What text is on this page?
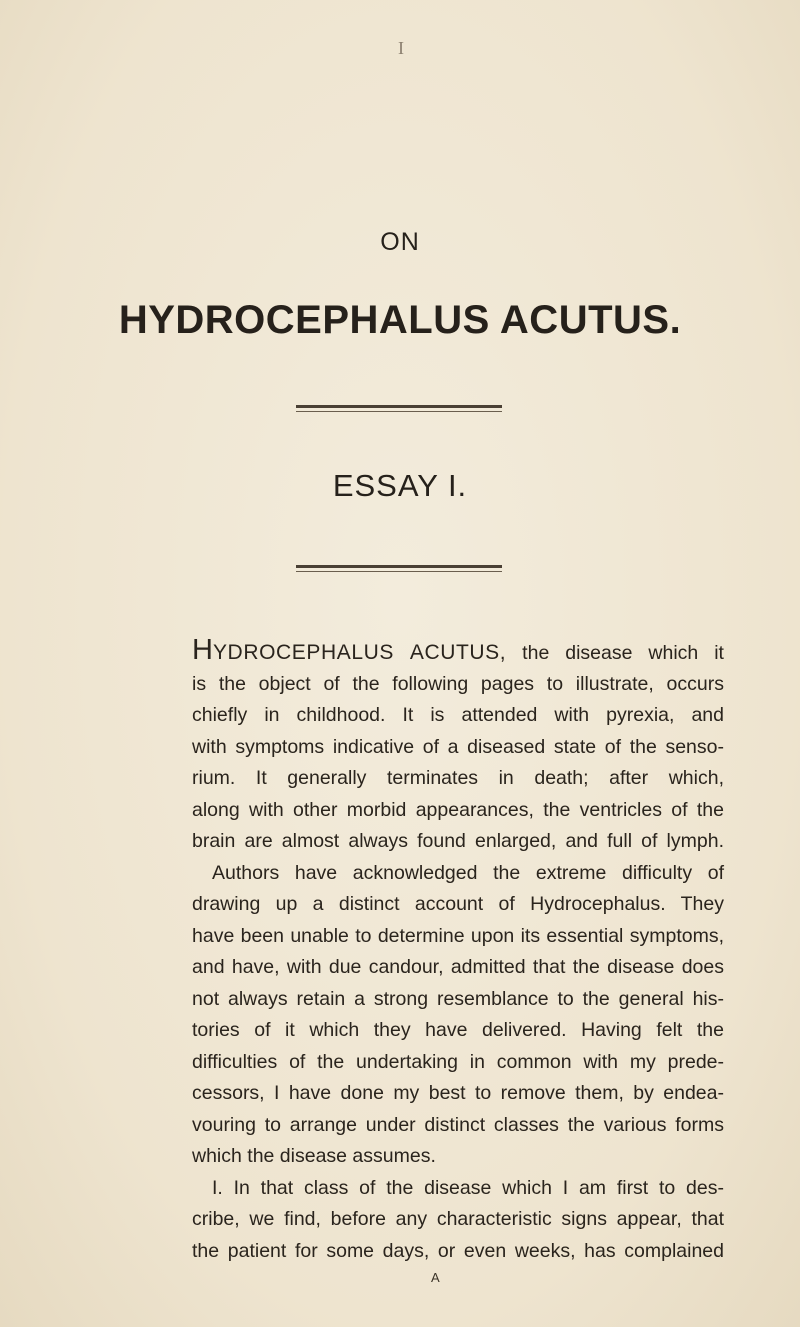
I
ON
HYDROCEPHALUS ACUTUS.
ESSAY I.
HYDROCEPHALUS ACUTUS, the disease which it
is the object of the following pages to illustrate, occurs
chiefly in childhood. It is attended with pyrexia, and
with symptoms indicative of a diseased state of the senso-
rium. It generally terminates in death; after which,
along with other morbid appearances, the ventricles of the
brain are almost always found enlarged, and full of lymph.
Authors have acknowledged the extreme difficulty of
drawing up a distinct account of Hydrocephalus. They
have been unable to determine upon its essential symptoms,
and have, with due candour, admitted that the disease does
not always retain a strong resemblance to the general his-
tories of it which they have delivered. Having felt the
difficulties of the undertaking in common with my prede-
cessors, I have done my best to remove them, by endea-
vouring to arrange under distinct classes the various forms
which the disease assumes.
I. In that class of the disease which I am first to des-
cribe, we find, before any characteristic signs appear, that
the patient for some days, or even weeks, has complained
A
